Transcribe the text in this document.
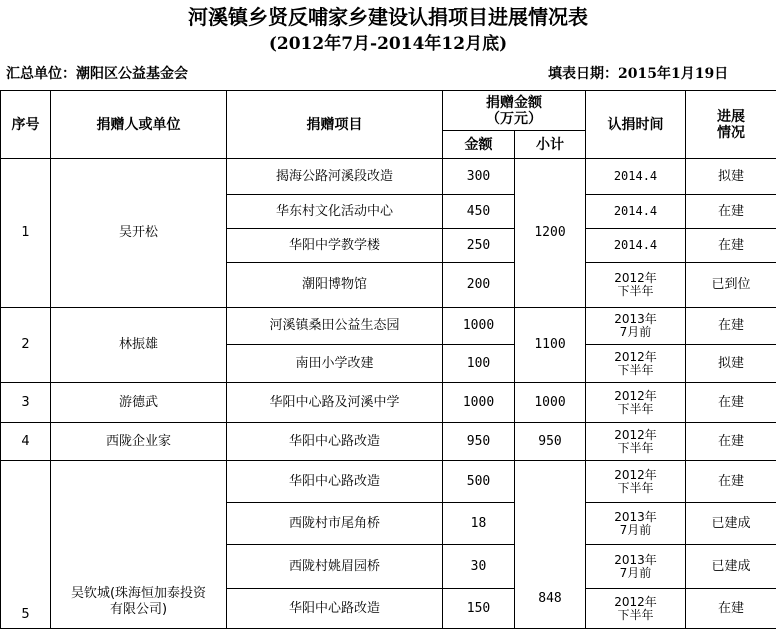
河溪镇乡贤反哺家乡建设认捐项目进展情况表
(2012年7月-2014年12月底)
汇总单位：潮阳区公益基金会	填表日期：2015年1月19日
序号	捐赠人或单位	捐赠项目	捐赠金额
（万元）		认捐时间	进展
情况
			金额	小计		
1	吴开松	揭海公路河溪段改造	300	1200	2014.4	拟建
		华东村文化活动中心	450		2014.4	在建
		华阳中学教学楼	250		2014.4	在建
		潮阳博物馆	200		2012年
下半年	已到位
2	林振雄	河溪镇桑田公益生态园	1000	1100	2013年
7月前	在建
		南田小学改建	100		2012年
下半年	拟建
3	游德武	华阳中心路及河溪中学	1000	1000	2012年
下半年	在建
4	西陇企业家	华阳中心路改造	950	950	2012年
下半年	在建
5	吴钦城(珠海恒加泰投资
有限公司)	华阳中心路改造	500	848	2012年
下半年	在建
		西陇村市尾角桥	18		2013年
7月前	已建成
		西陇村姚眉园桥	30		2013年
7月前	已建成
		华阳中心路改造	150		2012年
下半年	在建
